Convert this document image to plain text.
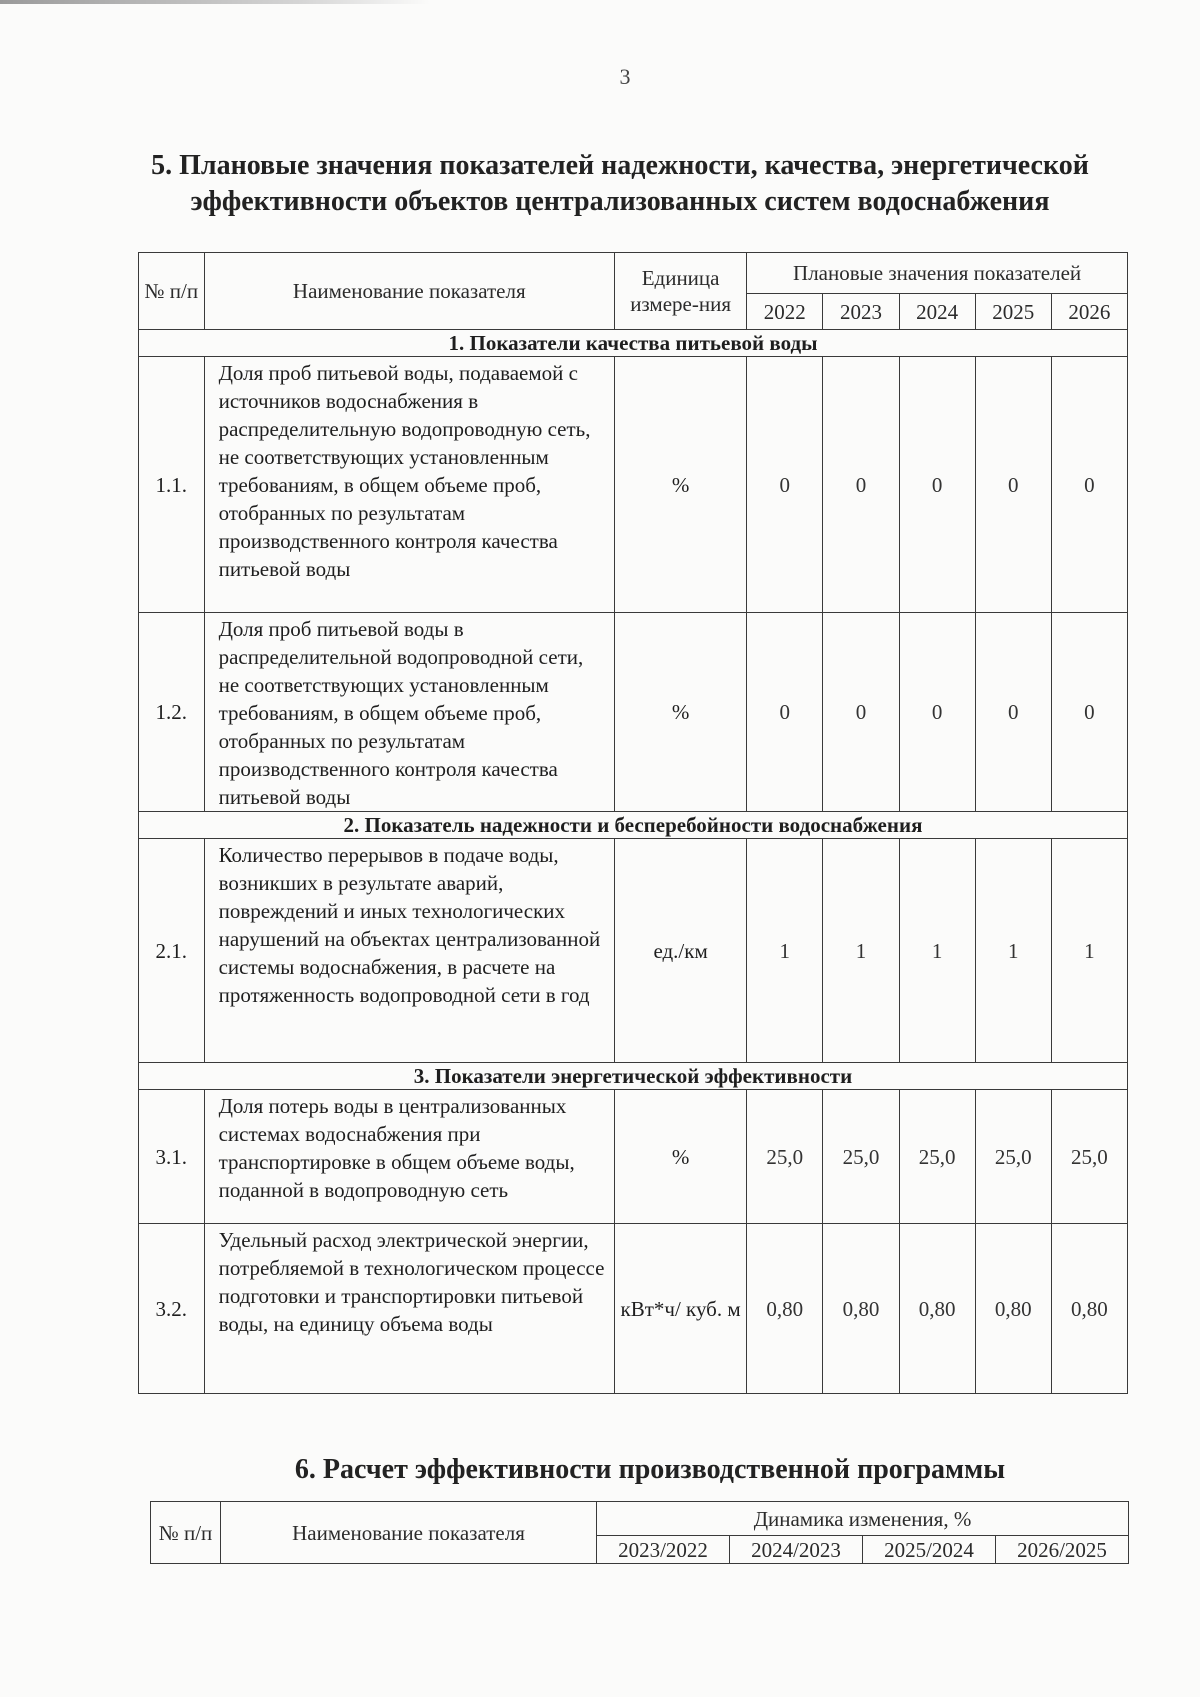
3
5. Плановые значения показателей надежности, качества, энергетической эффективности объектов централизованных систем водоснабжения
№ п/п	Наименование показателя	Единица измере-ния	Плановые значения показателей				
			2022	2023	2024	2025	2026
1. Показатели качества питьевой воды							
1.1.	Доля проб питьевой воды, подаваемой с источников водоснабжения в распределительную водопроводную сеть, не соответствующих установленным требованиям, в общем объеме проб, отобранных по результатам производственного контроля качества питьевой воды	%	0	0	0	0	0
1.2.	Доля проб питьевой воды в распределительной водопроводной сети, не соответствующих установленным требованиям, в общем объеме проб, отобранных по результатам производственного контроля качества питьевой воды	%	0	0	0	0	0
2. Показатель надежности и бесперебойности водоснабжения							
2.1.	Количество перерывов в подаче воды, возникших в результате аварий, повреждений и иных технологических нарушений на объектах централизованной системы водоснабжения, в расчете на протяженность водопроводной сети в год	ед./км	1	1	1	1	1
3. Показатели энергетической эффективности							
3.1.	Доля потерь воды в централизованных системах водоснабжения при транспортировке в общем объеме воды, поданной в водопроводную сеть	%	25,0	25,0	25,0	25,0	25,0
3.2.	Удельный расход электрической энергии, потребляемой в технологическом процессе подготовки и транспортировки питьевой воды, на единицу объема воды	кВт*ч/ куб. м	0,80	0,80	0,80	0,80	0,80
6. Расчет эффективности производственной программы
№ п/п	Наименование показателя	Динамика изменения, %			
		2023/2022	2024/2023	2025/2024	2026/2025
